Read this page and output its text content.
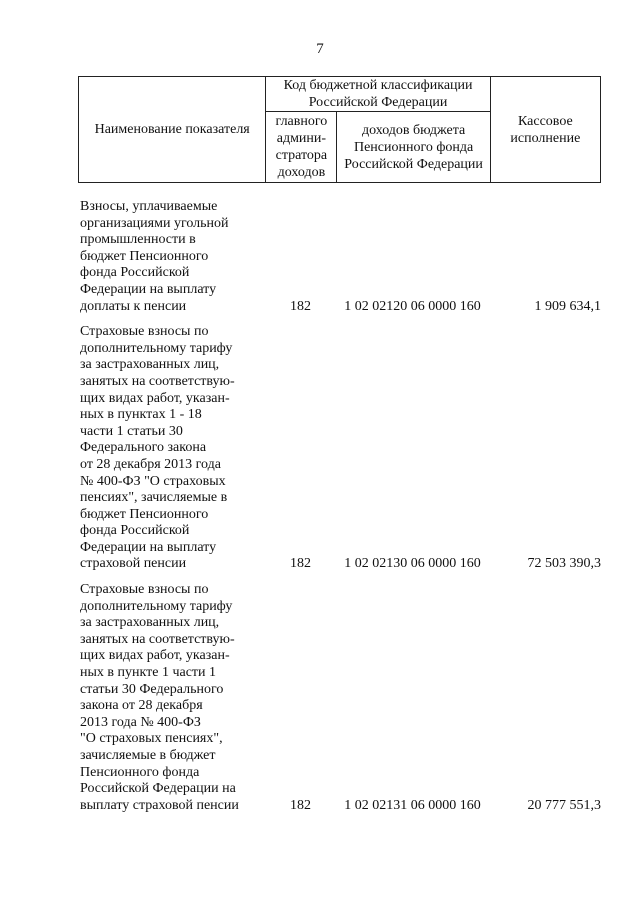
7
Наименование показателя	Код бюджетной классификации Российской Федерации		Кассовое исполнение
	главного админи-стратора доходов	доходов бюджета Пенсионного фонда Российской Федерации	
Взносы, уплачиваемые
организациями угольной
промышленности в
бюджет Пенсионного
фонда Российской
Федерации на выплату
доплаты к пенсии	182	1 02 02120 06 0000 160	1 909 634,1
Страховые взносы по
дополнительному тарифу
за застрахованных лиц,
занятых на соответствую-
щих видах работ, указан-
ных в пунктах 1 - 18
части 1 статьи 30
Федерального закона
от 28 декабря 2013 года
№ 400-ФЗ "О страховых
пенсиях", зачисляемые в
бюджет Пенсионного
фонда Российской
Федерации на выплату
страховой пенсии	182	1 02 02130 06 0000 160	72 503 390,3
Страховые взносы по
дополнительному тарифу
за застрахованных лиц,
занятых на соответствую-
щих видах работ, указан-
ных в пункте 1 части 1
статьи 30 Федерального
закона от 28 декабря
2013 года № 400-ФЗ
"О страховых пенсиях",
зачисляемые в бюджет
Пенсионного фонда
Российской Федерации на
выплату страховой пенсии	182	1 02 02131 06 0000 160	20 777 551,3
